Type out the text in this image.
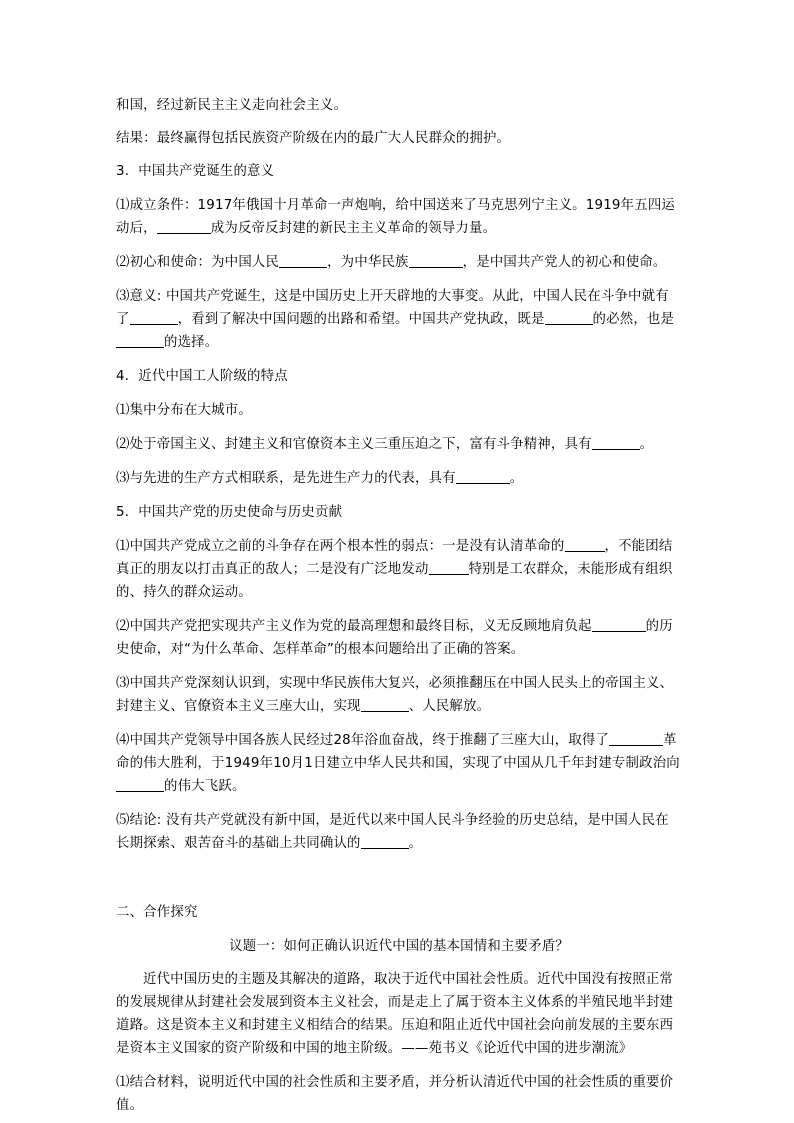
和国，经过新民主主义走向社会主义。

结果：最终赢得包括民族资产阶级在内的最广大人民群众的拥护。

3．中国共产党诞生的意义

⑴成立条件：1917年俄国十月革命一声炮响，给中国送来了马克思列宁主义。1919年五四运动后，	成为反帝反封建的新民主主义革命的领导力量。

⑵初心和使命：为中国人民	，为中华民族	，是中国共产党人的初心和使命。

⑶意义: 中国共产党诞生，这是中国历史上开天辟地的大事变。从此，中国人民在斗争中就有了	，看到了解决中国问题的出路和希望。中国共产党执政，既是	的必然，也是的选择。

4．近代中国工人阶级的特点

⑴集中分布在大城市。

⑵处于帝国主义、封建主义和官僚资本主义三重压迫之下，富有斗争精神，具有	。

⑶与先进的生产方式相联系，是先进生产力的代表，具有	。

5．中国共产党的历史使命与历史贡献

⑴中国共产党成立之前的斗争存在两个根本性的弱点：一是没有认清革命的	，不能团结真正的朋友以打击真正的敌人；二是没有广泛地发动	特别是工农群众，未能形成有组织的、持久的群众运动。

⑵中国共产党把实现共产主义作为党的最高理想和最终目标，义无反顾地肩负起	的历史使命，对“为什么革命、怎样革命”的根本问题给出了正确的答案。

⑶中国共产党深刻认识到，实现中华民族伟大复兴，必须推翻压在中国人民头上的帝国主义、封建主义、官僚资本主义三座大山，实现	、人民解放。

⑷中国共产党领导中国各族人民经过28年浴血奋战，终于推翻了三座大山，取得了	革命的伟大胜利，于1949年10月1日建立中华人民共和国，实现了中国从几千年封建专制政治向的伟大飞跃。

⑸结论: 没有共产党就没有新中国，是近代以来中国人民斗争经验的历史总结，是中国人民在长期探索、艰苦奋斗的基础上共同确认的	。

二、合作探究

议题一：如何正确认识近代中国的基本国情和主要矛盾？

近代中国历史的主题及其解决的道路，取决于近代中国社会性质。近代中国没有按照正常的发展规律从封建社会发展到资本主义社会，而是走上了属于资本主义体系的半殖民地半封建道路。这是资本主义和封建主义相结合的结果。压迫和阻止近代中国社会向前发展的主要东西是资本主义国家的资产阶级和中国的地主阶级。——苑书义《论近代中国的进步潮流》

⑴结合材料，说明近代中国的社会性质和主要矛盾，并分析认清近代中国的社会性质的重要价值。
